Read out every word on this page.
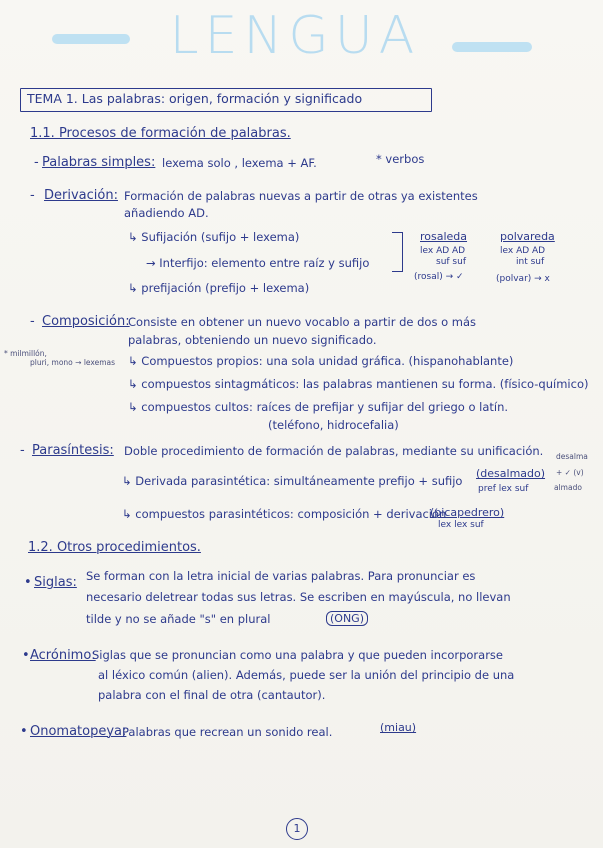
LENGUA
TEMA 1. Las palabras: origen, formación y significado
1.1. Procesos de formación de palabras.
- Palabras simples: lexema solo , lexema + AF.	* verbos
- Derivación: Formación de palabras nuevas a partir de otras ya existentes
añadiendo AD.
↳ Sufijación (sufijo + lexema)
→ Interfijo: elemento entre raíz y sufijo
↳ prefijación (prefijo + lexema)
rosaleda
lex AD AD
suf suf
(rosal) → ✓
polvareda
lex AD AD
int suf
(polvar) → x
- Composición:
Consiste en obtener un nuevo vocablo a partir de dos o más
palabras, obteniendo un nuevo significado.
* milmillón,
pluri, mono → lexemas ↳ Compuestos propios: una sola unidad gráfica. (hispanohablante)
↳ compuestos sintagmáticos: las palabras mantienen su forma. (físico-químico)
↳ compuestos cultos: raíces de prefijar y sufijar del griego o latín.
(teléfono, hidrocefalia)
- Parasíntesis: Doble procedimiento de formación de palabras, mediante su unificación.
↳ Derivada parasintética: simultáneamente prefijo + sufijo
(desalmado)
pref lex suf
desalma
+ ✓ (v)
almado
↳ compuestos parasintéticos: composición + derivación
(picapedrero)
lex lex suf
1.2. Otros procedimientos.
• Siglas: Se forman con la letra inicial de varias palabras. Para pronunciar es
necesario deletrear todas sus letras. Se escriben en mayúscula, no llevan
tilde y no se añade "s" en plural	(ONG)
• Acrónimo:
Siglas que se pronuncian como una palabra y que pueden incorporarse
al léxico común (alien). Además, puede ser la unión del principio de una
palabra con el final de otra (cantautor).
• Onomatopeya:
Palabras que recrean un sonido real.	(miau)
1
